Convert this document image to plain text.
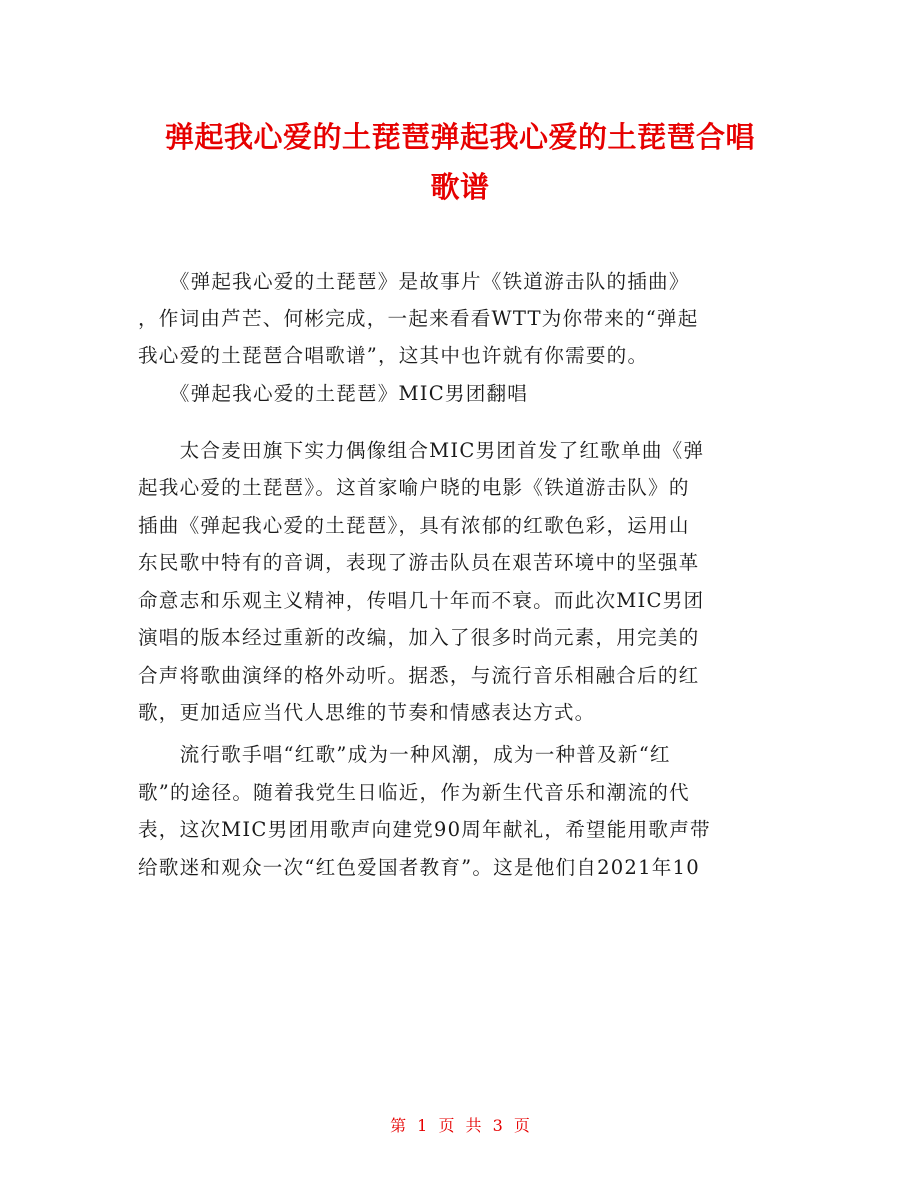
弹起我心爱的土琵琶弹起我心爱的土琵琶合唱
歌谱
　　《弹起我心爱的土琵琶》是故事片《铁道游击队的插曲》
，作词由芦芒、何彬完成，一起来看看WTT为你带来的“弹起
我心爱的土琵琶合唱歌谱”，这其中也许就有你需要的。
　　《弹起我心爱的土琵琶》MIC男团翻唱
　　太合麦田旗下实力偶像组合MIC男团首发了红歌单曲《弹
起我心爱的土琵琶》。这首家喻户晓的电影《铁道游击队》的
插曲《弹起我心爱的土琵琶》，具有浓郁的红歌色彩，运用山
东民歌中特有的音调，表现了游击队员在艰苦环境中的坚强革
命意志和乐观主义精神，传唱几十年而不衰。而此次MIC男团
演唱的版本经过重新的改编，加入了很多时尚元素，用完美的
合声将歌曲演绎的格外动听。据悉，与流行音乐相融合后的红
歌，更加适应当代人思维的节奏和情感表达方式。
　　流行歌手唱“红歌”成为一种风潮，成为一种普及新“红
歌”的途径。随着我党生日临近，作为新生代音乐和潮流的代
表，这次MIC男团用歌声向建党90周年献礼，希望能用歌声带
给歌迷和观众一次“红色爱国者教育”。这是他们自2021年10
第 1 页 共 3 页
